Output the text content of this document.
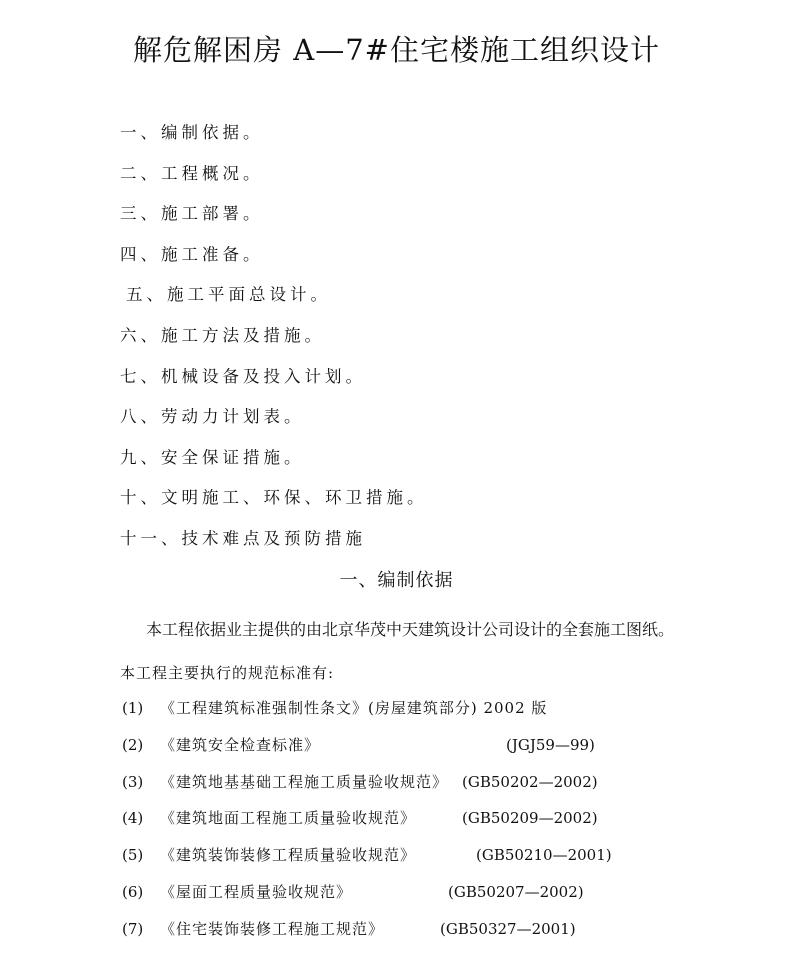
解危解困房 A—7#住宅楼施工组织设计
一、编制依据。
二、工程概况。
三、施工部署。
四、施工准备。
五、施工平面总设计。
六、施工方法及措施。
七、机械设备及投入计划。
八、劳动力计划表。
九、安全保证措施。
十、文明施工、环保、环卫措施。
十一、技术难点及预防措施
一、编制依据
本工程依据业主提供的由北京华茂中天建筑设计公司设计的全套施工图纸。
本工程主要执行的规范标准有:
(1) 《工程建筑标准强制性条文》(房屋建筑部分) 2002 版
(2) 《建筑安全检查标准》	(JGJ59—99)
(3) 《建筑地基基础工程施工质量验收规范》 (GB50202—2002)
(4) 《建筑地面工程施工质量验收规范》	(GB50209—2002)
(5) 《建筑装饰装修工程质量验收规范》	(GB50210—2001)
(6) 《屋面工程质量验收规范》	(GB50207—2002)
(7) 《住宅装饰装修工程施工规范》	(GB50327—2001)
